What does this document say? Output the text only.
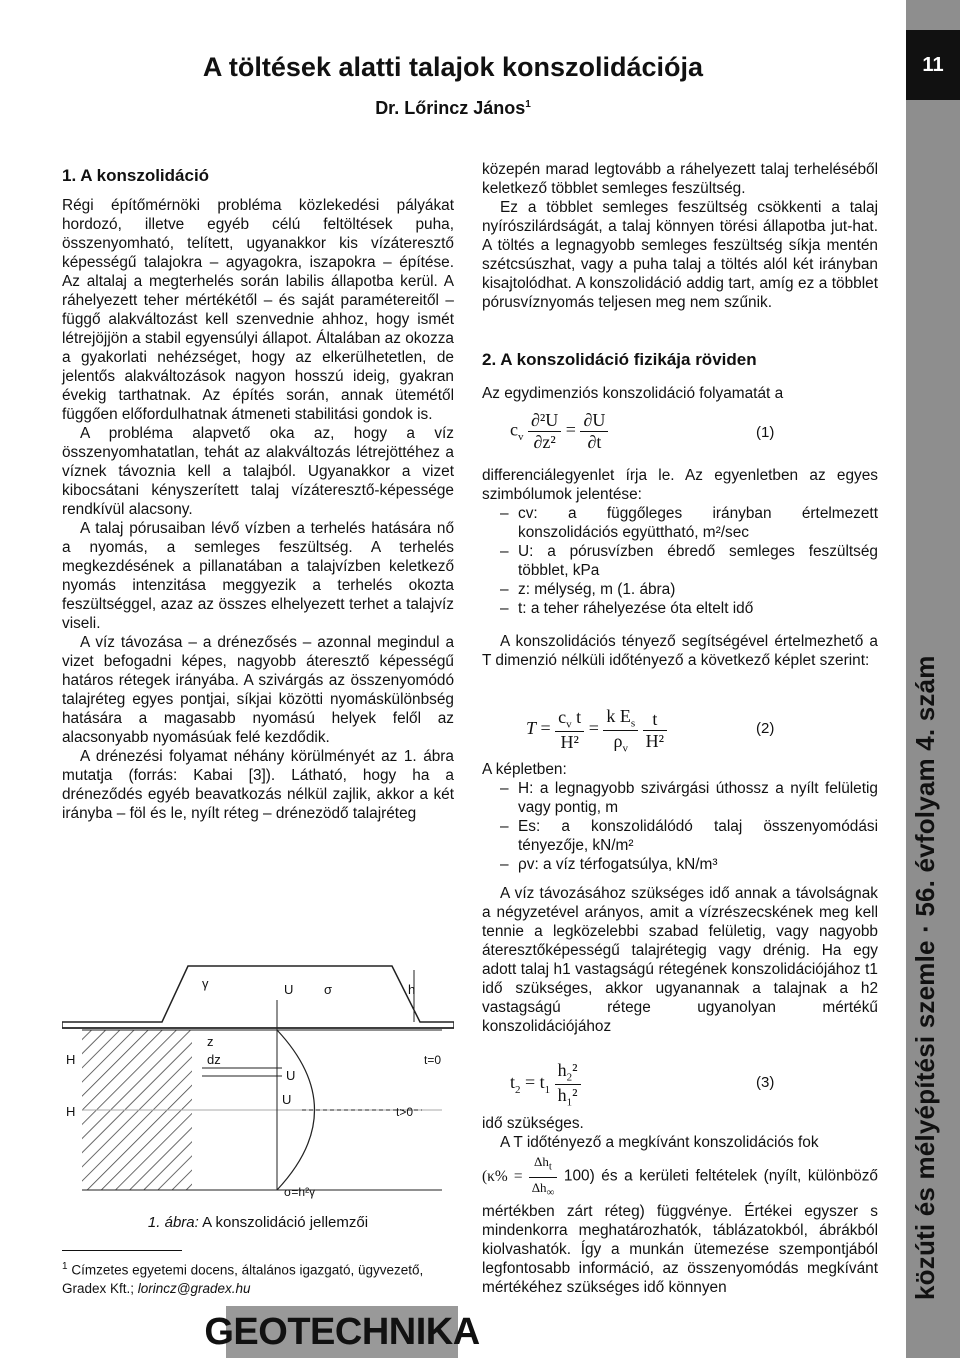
11
közúti és mélyépítési szemle · 56. évfolyam 4. szám
A töltések alatti talajok konszolidációja
Dr. Lőrincz János$^1$
1. A konszolidáció

Régi építőmérnöki probléma közlekedési pályákat hordozó, illetve egyéb célú feltöltések puha, összenyomható, telített, ugyanakkor kis vízáteresztő képességű talajokra – agyagokra, iszapokra – építése. Az altalaj a megterhelés során labilis állapotba kerül. A ráhelyezett teher mértékétől – és saját paramétereitől – függő alakváltozást kell szenvednie ahhoz, hogy ismét létrejöjjön a stabil egyensúlyi állapot. Általában az okozza a gyakorlati nehézséget, hogy az elkerülhetetlen, de jelentős alakváltozások nagyon hosszú ideig, gyakran évekig tarthatnak. Az építés során, annak ütemétől függően előfordulhatnak átmeneti stabilitási gondok is.

A probléma alapvető oka az, hogy a víz összenyomhatatlan, tehát az alakváltozás létrejöttéhez a víznek távoznia kell a talajból. Ugyanakkor a vizet kibocsátani kényszerített talaj vízáteresztő-képessége rendkívül alacsony.

A talaj pórusaiban lévő vízben a terhelés hatására nő a nyomás, a semleges feszültség. A terhelés megkezdésének a pillanatában a talajvízben keletkező nyomás intenzitása meggyezik a terhelés okozta feszültséggel, azaz az összes elhelyezett terhet a talajvíz viseli.

A víz távozása – a drénezősés – azonnal megindul a vizet befogadni képes, nagyobb áteresztő képességű határos rétegek irányába. A szivárgás az összenyomódó talajréteg egyes pontjai, síkjai közötti nyomáskülönbség hatására a magasabb nyomású helyek felől az alacsonyabb nyomásúak felé kezdődik.

A drénezési folyamat néhány körülményét az 1. ábra mutatja (forrás: Kabai [3]). Látható, hogy ha a dréneződés egyéb beavatkozás nélkül zajlik, akkor a két irányba – föl és le, nyílt réteg – drénezödő talajréteg

γ	U σ	h
z
dz
H
H
U
U
t=0
t>0
σ=h²γ
1. ábra: A konszolidáció jellemzői
$^1$ Címzetes egyetemi docens, általános igazgató, ügyvezető, Gradex Kft.; lorincz@gradex.hu
GEOTECHNIKA

közepén marad legtovább a ráhelyezett talaj terheléséből keletkező többlet semleges feszültség.

Ez a többlet semleges feszültség csökkenti a talaj nyírószilárdságát, a talaj könnyen törési állapotba jut-hat. A töltés a legnagyobb semleges feszültség síkja mentén szétcsúszhat, vagy a puha talaj a töltés alól két irányban kisajtolódhat. A konszolidáció addig tart, amíg ez a többlet pórusvíznyomás teljesen meg nem szűnik.

2. A konszolidáció fizikája röviden
Az egydimenziós konszolidáció folyamatát a
$c_v \frac{\text{∂²U}}{\text{∂z²}} = \frac{\partial U}{\partial t}$	(1)

differenciálegyenlet írja le. Az egyenletben az egyes szimbólumok jelentése:

– cv: a függőleges irányban értelmezett konszolidációs együttható, m²/sec
– U: a pórusvízben ébredő semleges feszültség többlet, kPa
– z: mélység, m (1. ábra)
– t: a teher ráhelyezése óta eltelt idő

A konszolidációs tényező segítségével értelmezhető a T dimenzió nélküli időtényező a következő képlet szerint:

$T = \frac{c_v t}{\text{H²}} = \frac{k E_s}{\rho_v}$
$\frac{t}{\text{H²}}$	(2)

A képletben:

– H: a legnagyobb szivárgási úthossz a nyílt felületig vagy pontig, m
– Es: a konszolidálódó talaj összenyomódási tényezője, kN/m²
– ρv: a víz térfogatsúlya, kN/m³

A víz távozásához szükséges idő annak a távolságnak a négyzetével arányos, amit a vízrészecskének meg kell tennie a legközelebbi szabad felületig, vagy nagyobb áteresztőképességű talajrétegig vagy drénig. Ha egy adott talaj h1 vastagságú rétegének konszolidációjához t1 idő szükséges, akkor ugyanannak a talajnak a h2 vastagságú rétege ugyanolyan mértékű konszolidációjához

$t_2 = t_1 \frac{h_2^2}{h_1^2}$	(3)

idő szükséges.

A T időtényező a megkívánt konszolidációs fok

$(\kappa\% = \frac{\Delta h_t}{\Delta h_\infty} 100)$ és a kerületi feltételek (nyílt, különböző mértékben zárt réteg) függvénye. Értékei egyszer s mindenkorra meghatározhatók, táblázatokból, ábrákból kiolvashatók. Így a munkán ütemezése szempontjából legfontosabb információ, az összenyomódás megkívánt mértékéhez szükséges idő könnyen
